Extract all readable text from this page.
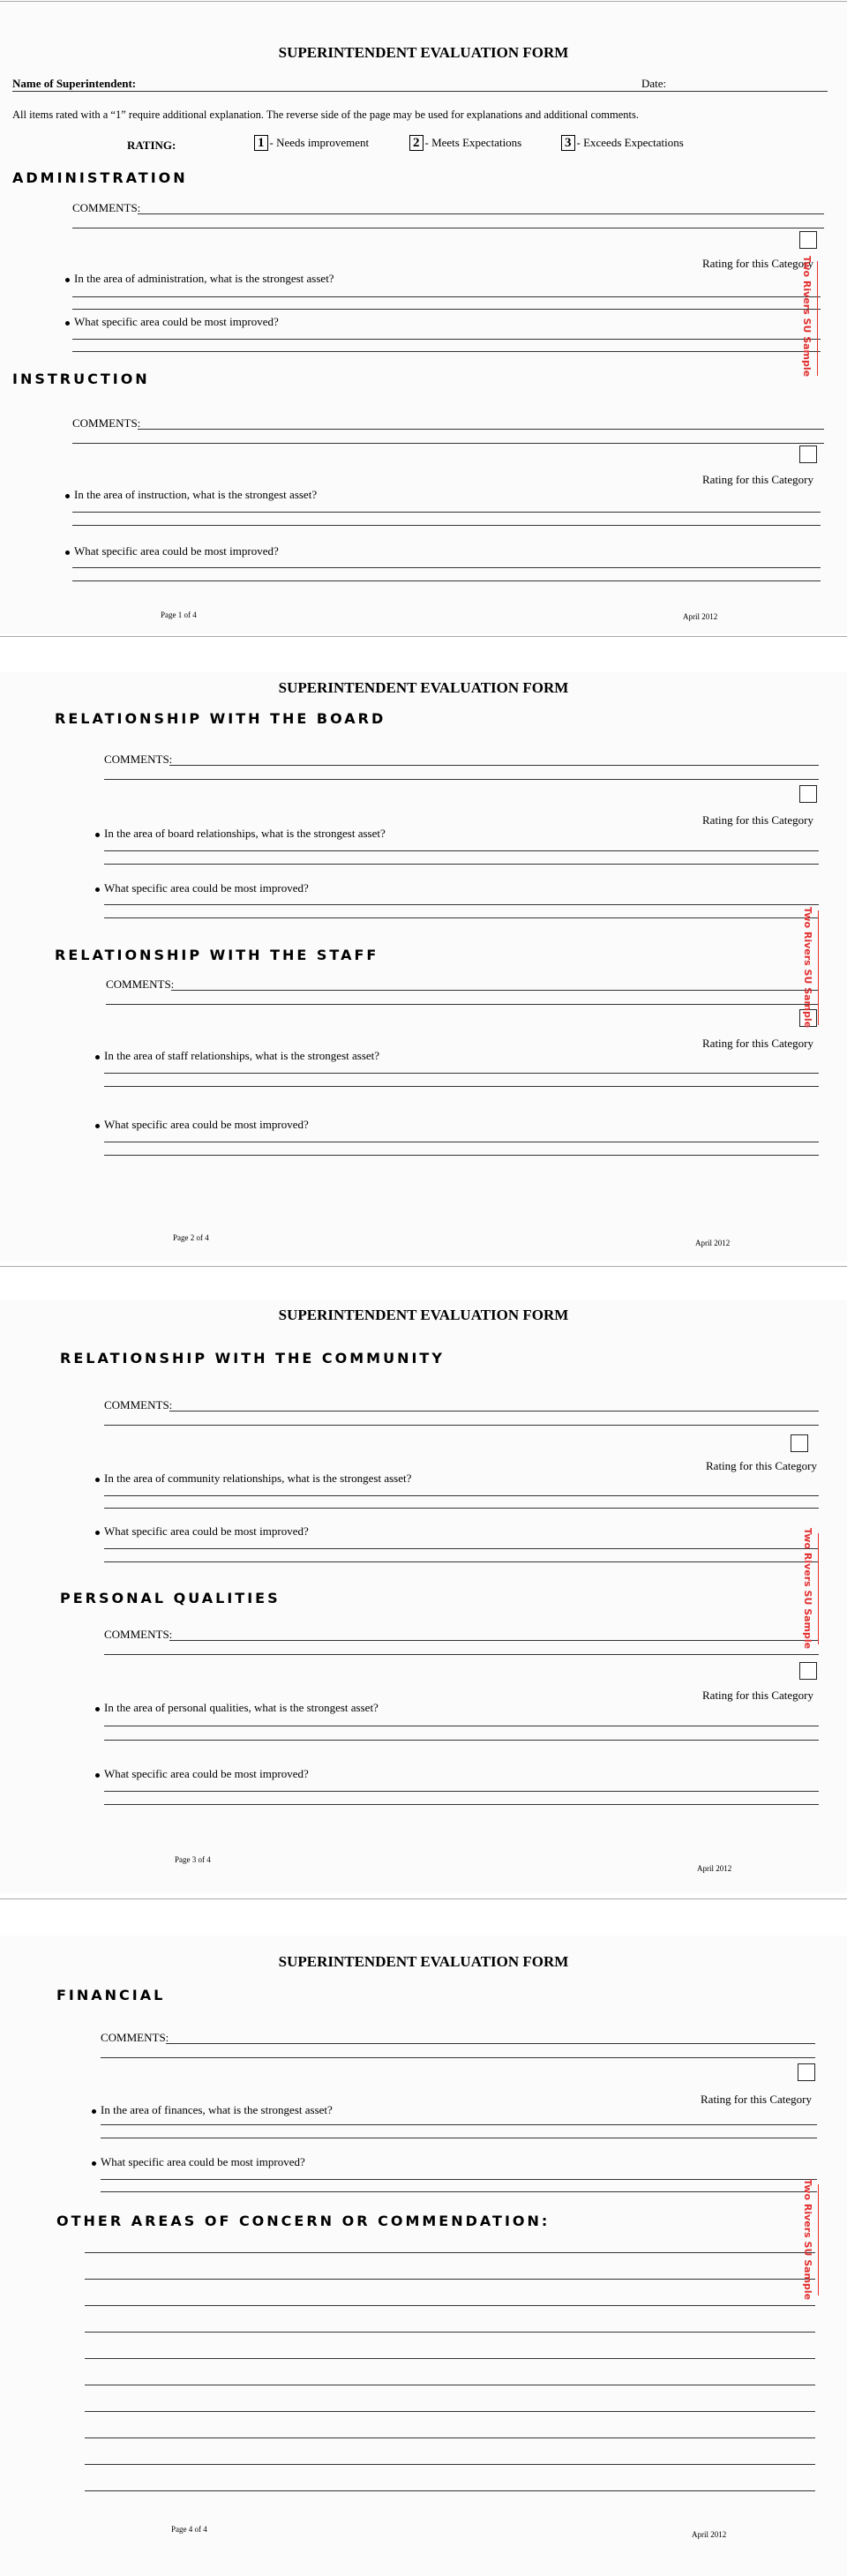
SUPERINTENDENT EVALUATION FORM
Name of Superintendent:	Date:
All items rated with a “1” require additional explanation. The reverse side of the page may be used for explanations and additional comments.
RATING:	1 - Needs improvement	2 - Meets Expectations	3 - Exceeds Expectations
ADMINISTRATION
COMMENTS:
Rating for this Category
In the area of administration, what is the strongest asset?
What specific area could be most improved?
INSTRUCTION
COMMENTS:
Rating for this Category
In the area of instruction, what is the strongest asset?
What specific area could be most improved?
Page 1 of 4	April 2012
Two Rivers SU Sample
SUPERINTENDENT EVALUATION FORM
RELATIONSHIP WITH THE BOARD
COMMENTS:
Rating for this Category
In the area of board relationships, what is the strongest asset?
What specific area could be most improved?
RELATIONSHIP WITH THE STAFF
COMMENTS:
Rating for this Category
In the area of staff relationships, what is the strongest asset?
What specific area could be most improved?
Page 2 of 4
April 2012
Two Rivers SU Sample
SUPERINTENDENT EVALUATION FORM
RELATIONSHIP WITH THE COMMUNITY
COMMENTS:
Rating for this Category
In the area of community relationships, what is the strongest asset?
What specific area could be most improved?
PERSONAL QUALITIES
COMMENTS:
Rating for this Category
In the area of personal qualities, what is the strongest asset?
What specific area could be most improved?
Page 3 of 4
April 2012
Two Rivers SU Sample
SUPERINTENDENT EVALUATION FORM
FINANCIAL
COMMENTS:
Rating for this Category
In the area of finances, what is the strongest asset?
What specific area could be most improved?
OTHER AREAS OF CONCERN OR COMMENDATION:
Page 4 of 4
April 2012
Two Rivers SU Sample
